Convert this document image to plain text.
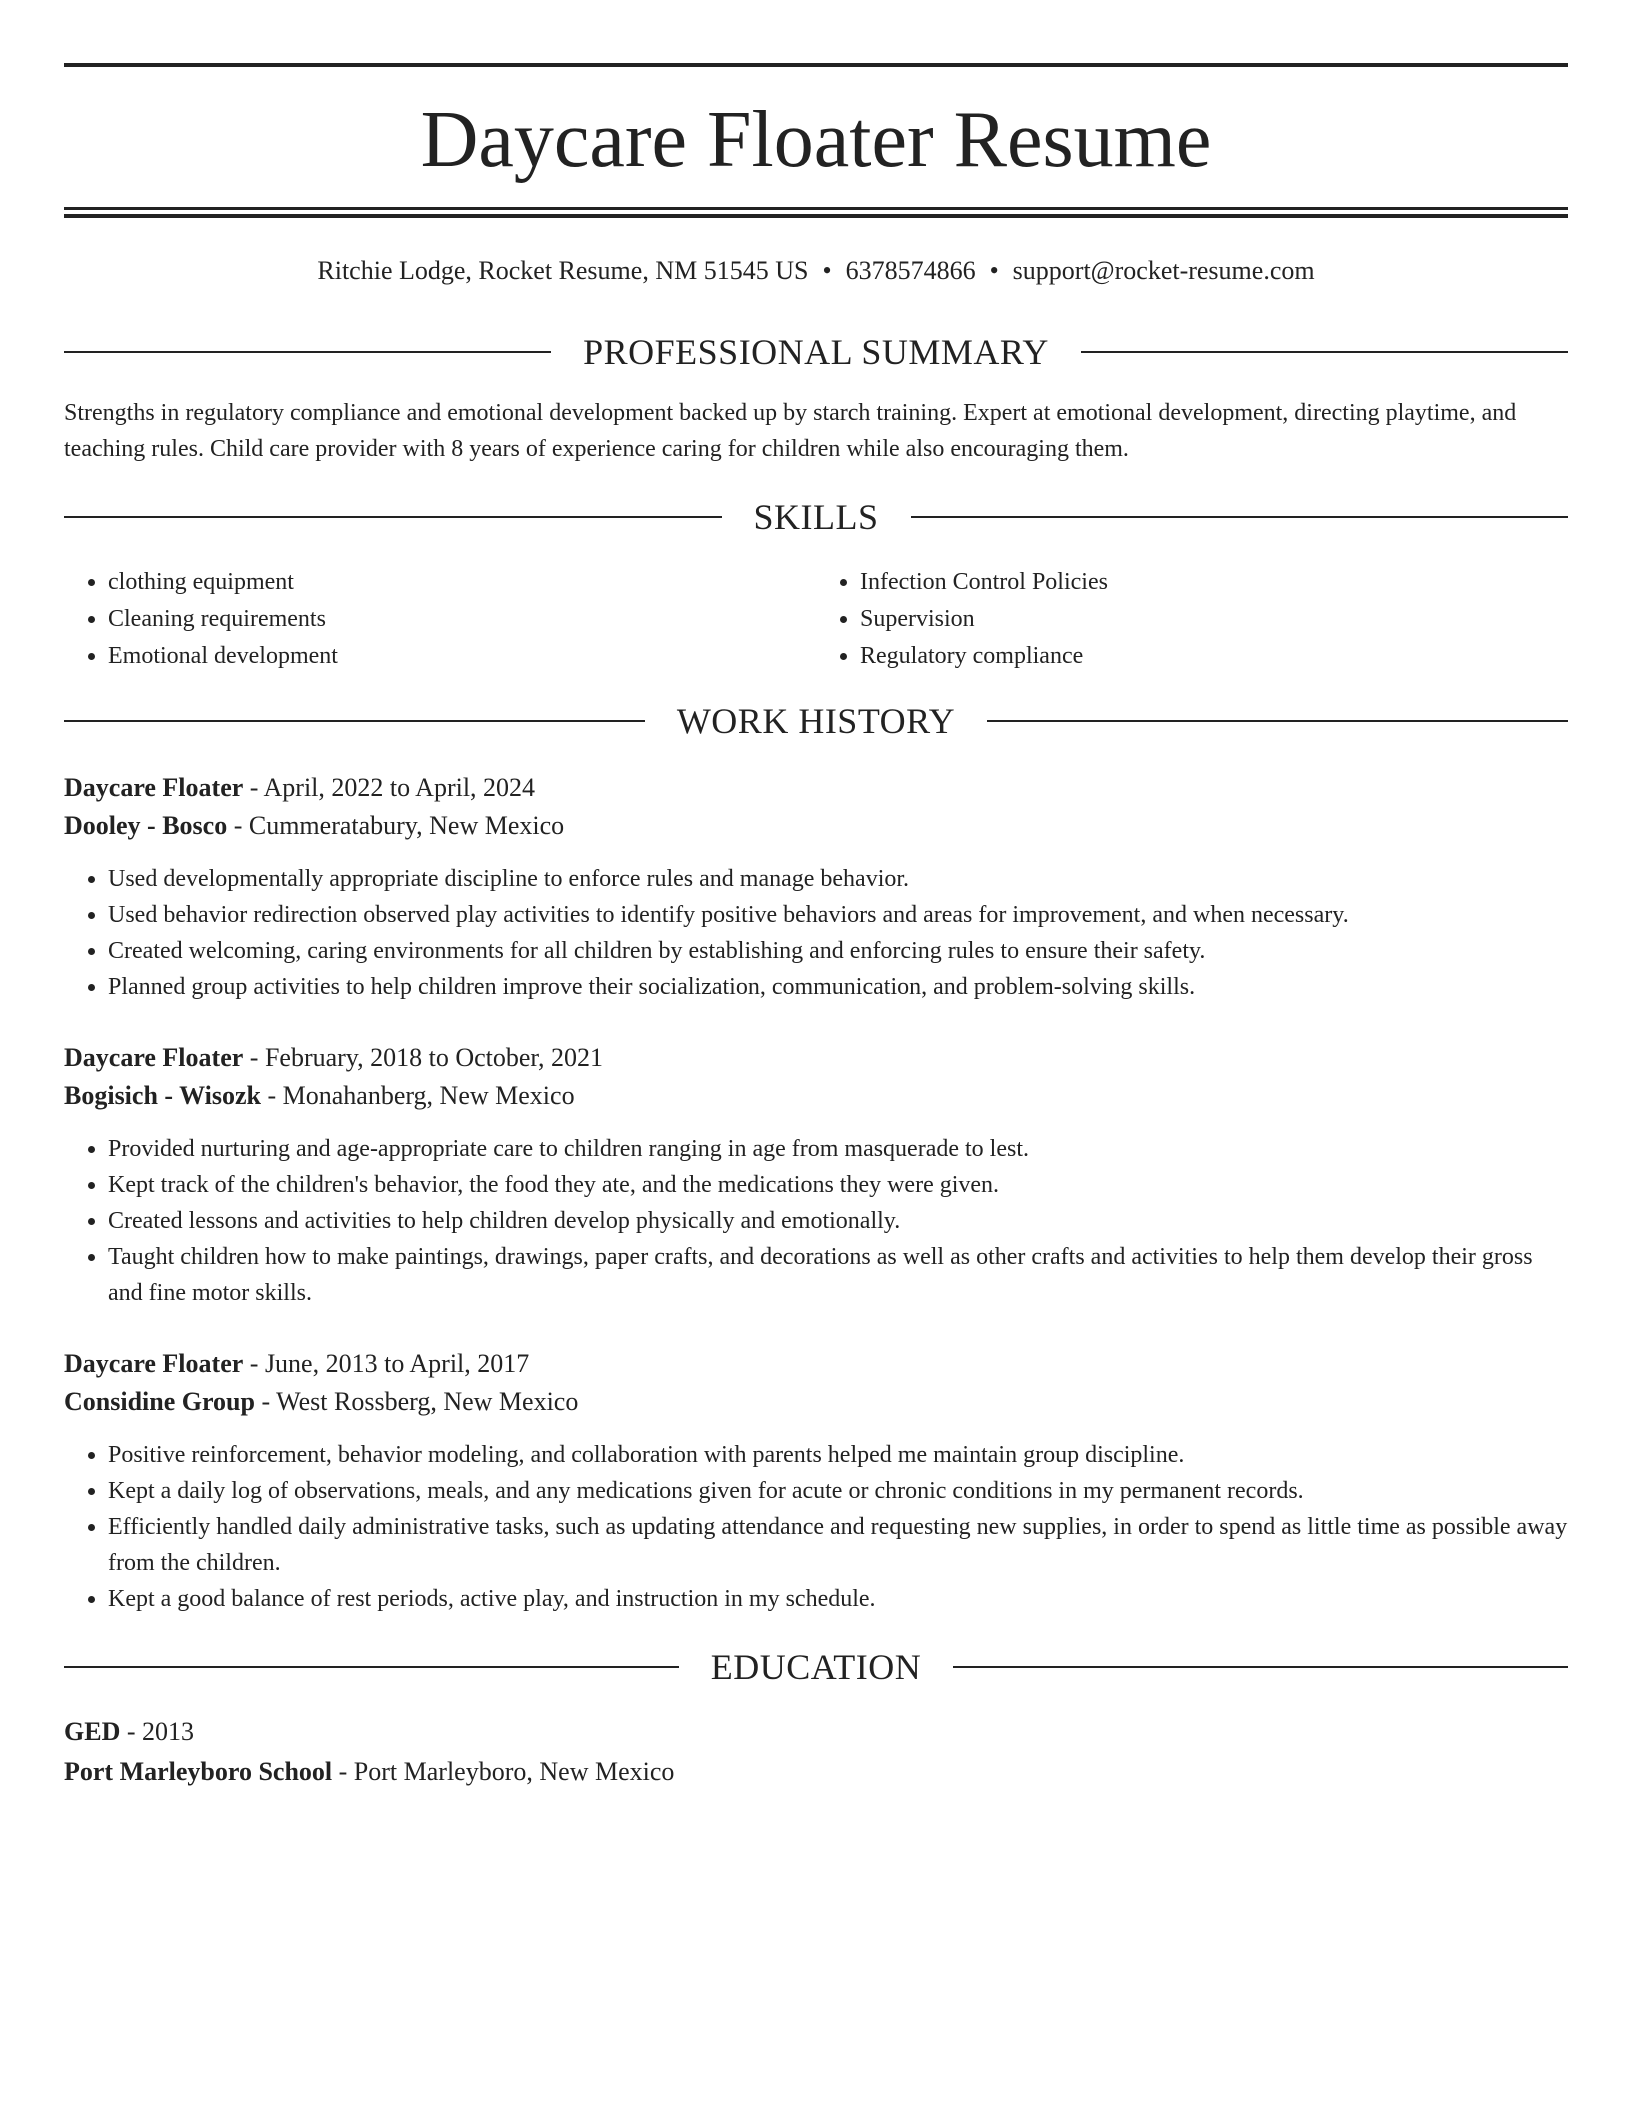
Daycare Floater Resume
Ritchie Lodge, Rocket Resume, NM 51545 US • 6378574866 • support@rocket-resume.com
PROFESSIONAL SUMMARY

Strengths in regulatory compliance and emotional development backed up by starch training. Expert at emotional development, directing playtime, and teaching rules. Child care provider with 8 years of experience caring for children while also encouraging them.

SKILLS
• clothing equipment
• Cleaning requirements
• Emotional development
• Infection Control Policies
• Supervision
• Regulatory compliance
WORK HISTORY
Daycare Floater - April, 2022 to April, 2024
Dooley - Bosco - Cummeratabury, New Mexico
• Used developmentally appropriate discipline to enforce rules and manage behavior.
• Used behavior redirection observed play activities to identify positive behaviors and areas for improvement, and when necessary.
• Created welcoming, caring environments for all children by establishing and enforcing rules to ensure their safety.
• Planned group activities to help children improve their socialization, communication, and problem-solving skills.
Daycare Floater - February, 2018 to October, 2021
Bogisich - Wisozk - Monahanberg, New Mexico
• Provided nurturing and age-appropriate care to children ranging in age from masquerade to lest.
• Kept track of the children's behavior, the food they ate, and the medications they were given.
• Created lessons and activities to help children develop physically and emotionally.
• Taught children how to make paintings, drawings, paper crafts, and decorations as well as other crafts and activities to help them develop their gross and fine motor skills.
Daycare Floater - June, 2013 to April, 2017
Considine Group - West Rossberg, New Mexico
• Positive reinforcement, behavior modeling, and collaboration with parents helped me maintain group discipline.
• Kept a daily log of observations, meals, and any medications given for acute or chronic conditions in my permanent records.
• Efficiently handled daily administrative tasks, such as updating attendance and requesting new supplies, in order to spend as little time as possible away from the children.
• Kept a good balance of rest periods, active play, and instruction in my schedule.
EDUCATION
GED - 2013
Port Marleyboro School - Port Marleyboro, New Mexico
